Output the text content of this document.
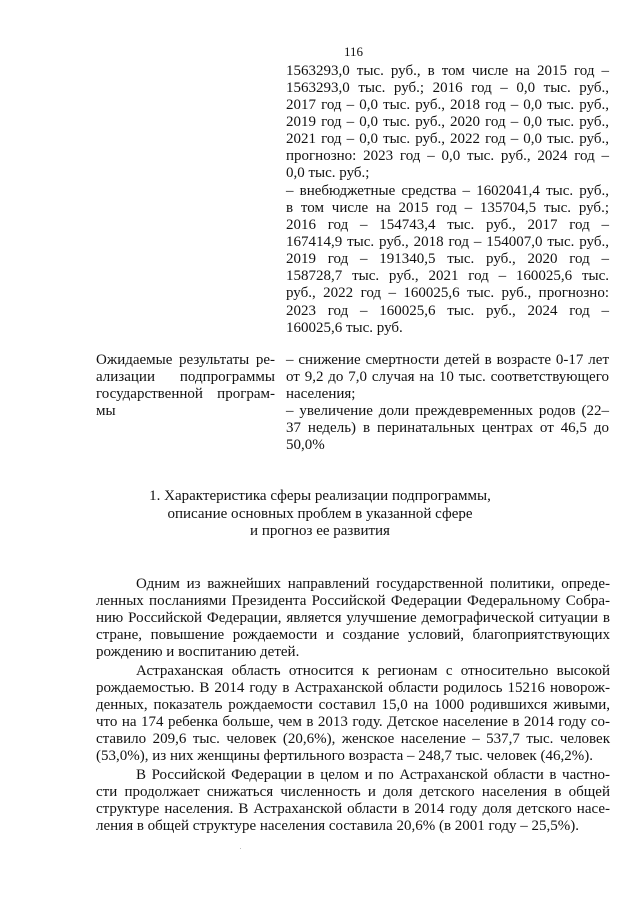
116
1563293,0 тыс. руб., в том числе на 2015 год –
1563293,0 тыс. руб.; 2016 год – 0,0 тыс. руб.,
2017 год – 0,0 тыс. руб., 2018 год – 0,0 тыс. руб.,
2019 год – 0,0 тыс. руб., 2020 год – 0,0 тыс. руб.,
2021 год – 0,0 тыс. руб., 2022 год – 0,0 тыс. руб.,
прогнозно: 2023 год – 0,0 тыс. руб., 2024 год –
0,0 тыс. руб.;
– внебюджетные средства – 1602041,4 тыс. руб.,
в том числе на 2015 год – 135704,5 тыс. руб.;
2016 год – 154743,4 тыс. руб., 2017 год –
167414,9 тыс. руб., 2018 год – 154007,0 тыс. руб.,
2019 год – 191340,5 тыс. руб., 2020 год –
158728,7 тыс. руб., 2021 год – 160025,6 тыс.
руб., 2022 год – 160025,6 тыс. руб., прогнозно:
2023 год – 160025,6 тыс. руб., 2024 год –
160025,6 тыс. руб.
Ожидаемые результаты ре-
ализации подпрограммы
государственной програм-
мы
– снижение смертности детей в возрасте 0-17 лет
от 9,2 до 7,0 случая на 10 тыс. соответствующего
населения;
– увеличение доли преждевременных родов (22–
37 недель) в перинатальных центрах от 46,5 до
50,0%
1. Характеристика сферы реализации подпрограммы,
описание основных проблем в указанной сфере
и прогноз ее развития
Одним из важнейших направлений государственной политики, опреде-
ленных посланиями Президента Российской Федерации Федеральному Собра-
нию Российской Федерации, является улучшение демографической ситуации в
стране, повышение рождаемости и создание условий, благоприятствующих
рождению и воспитанию детей.
Астраханская область относится к регионам с относительно высокой
рождаемостью. В 2014 году в Астраханской области родилось 15216 новорож-
денных, показатель рождаемости составил 15,0 на 1000 родившихся живыми,
что на 174 ребенка больше, чем в 2013 году. Детское население в 2014 году со-
ставило 209,6 тыс. человек (20,6%), женское население – 537,7 тыс. человек
(53,0%), из них женщины фертильного возраста – 248,7 тыс. человек (46,2%).
В Российской Федерации в целом и по Астраханской области в частно-
сти продолжает снижаться численность и доля детского населения в общей
структуре населения. В Астраханской области в 2014 году доля детского насе-
ления в общей структуре населения составила 20,6% (в 2001 году – 25,5%).
